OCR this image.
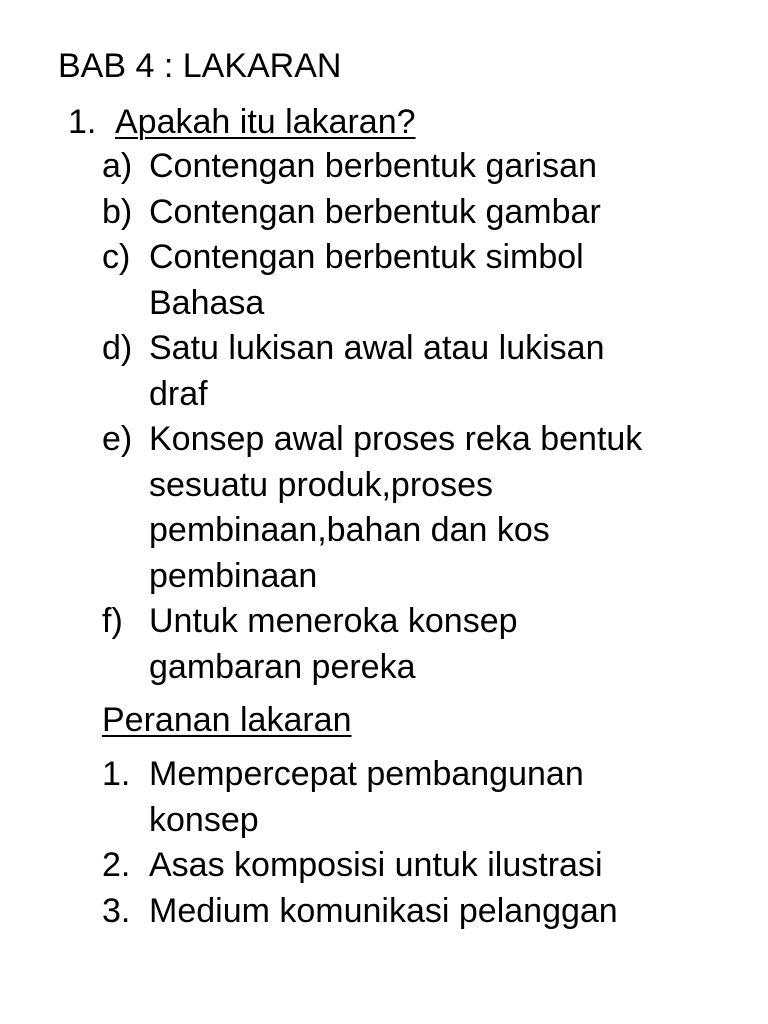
BAB 4 : LAKARAN
1. Apakah itu lakaran?
a) Contengan berbentuk garisan
b) Contengan berbentuk gambar
c) Contengan berbentuk simbol
Bahasa
d) Satu lukisan awal atau lukisan
draf
e) Konsep awal proses reka bentuk
sesuatu produk,proses
pembinaan,bahan dan kos
pembinaan
f) Untuk meneroka konsep
gambaran pereka
Peranan lakaran
1. Mempercepat pembangunan
konsep
2. Asas komposisi untuk ilustrasi
3. Medium komunikasi pelanggan
